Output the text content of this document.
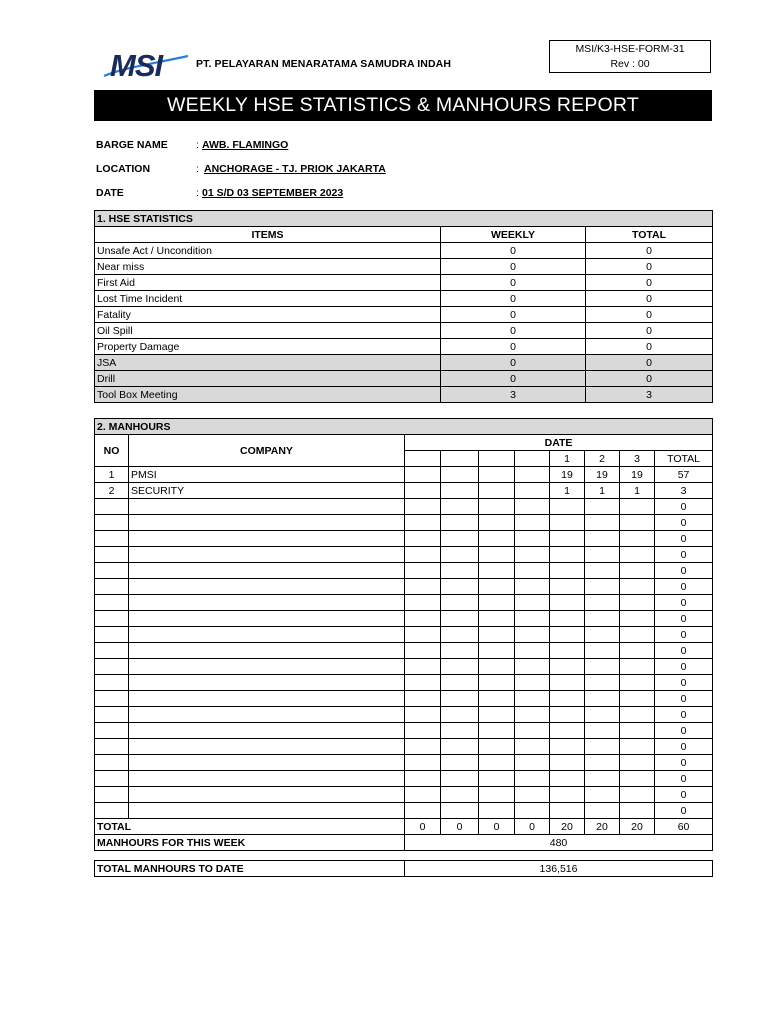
MSI	PT. PELAYARAN MENARATAMA SAMUDRA INDAH
MSI/K3-HSE-FORM-31
Rev : 00
WEEKLY HSE STATISTICS & MANHOURS REPORT
BARGE NAME	: AWB. FLAMINGO
LOCATION	: ANCHORAGE - TJ. PRIOK JAKARTA
DATE	: 01 S/D 03 SEPTEMBER 2023
1. HSE STATISTICS		
ITEMS	WEEKLY	TOTAL
Unsafe Act / Uncondition	0	0
Near miss	0	0
First Aid	0	0
Lost Time Incident	0	0
Fatality	0	0
Oil Spill	0	0
Property Damage	0	0
JSA	0	0
Drill	0	0
Tool Box Meeting	3	3
2. MANHOURS									
NO	COMPANY	DATE							
						1	2	3	TOTAL
1	PMSI					19	19	19	57
2	SECURITY					1	1	1	3
									0
									0
									0
									0
									0
									0
									0
									0
									0
									0
									0
									0
									0
									0
									0
									0
									0
									0
									0
									0
TOTAL		0	0	0	0	20	20	20	60
MANHOURS FOR THIS WEEK	480
TOTAL MANHOURS TO DATE	136,516
